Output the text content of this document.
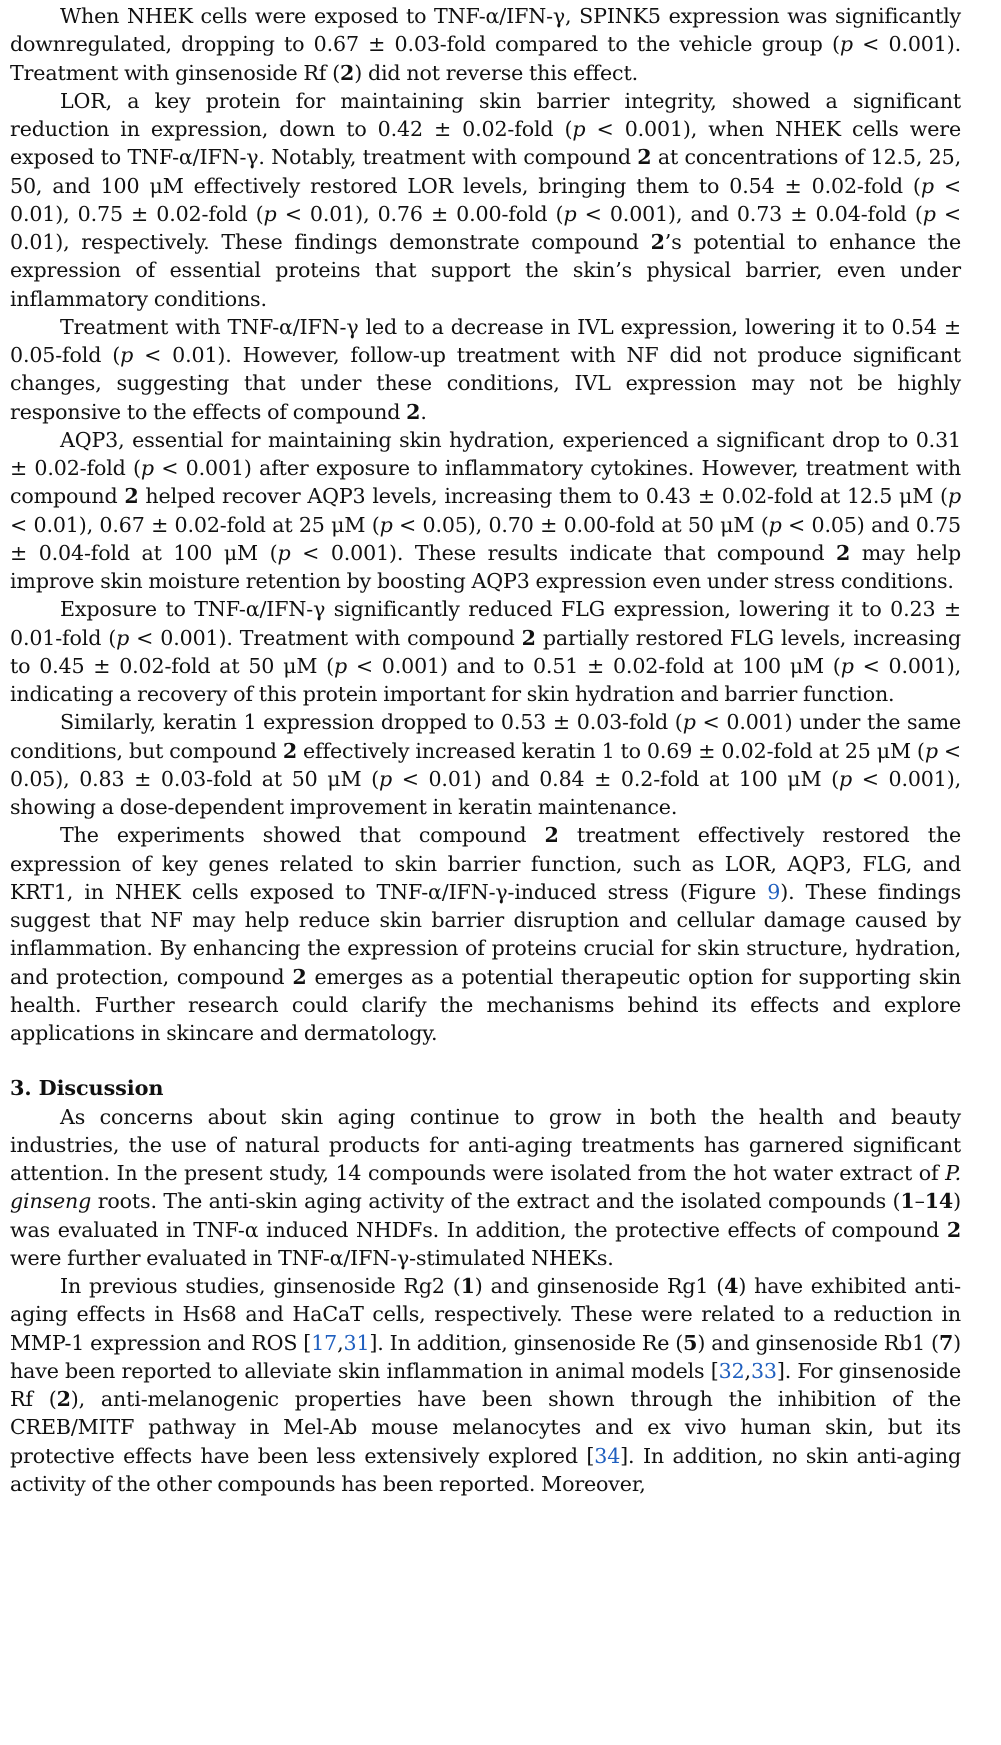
When NHEK cells were exposed to TNF-α/IFN-γ, SPINK5 expression was significantly downregulated, dropping to 0.67 ± 0.03-fold compared to the vehicle group (p < 0.001). Treatment with ginsenoside Rf (2) did not reverse this effect.

LOR, a key protein for maintaining skin barrier integrity, showed a significant reduction in expression, down to 0.42 ± 0.02-fold (p < 0.001), when NHEK cells were exposed to TNF-α/IFN-γ. Notably, treatment with compound 2 at concentrations of 12.5, 25, 50, and 100 μM effectively restored LOR levels, bringing them to 0.54 ± 0.02-fold (p < 0.01), 0.75 ± 0.02-fold (p < 0.01), 0.76 ± 0.00-fold (p < 0.001), and 0.73 ± 0.04-fold (p < 0.01), respectively. These findings demonstrate compound 2’s potential to enhance the expression of essential proteins that support the skin’s physical barrier, even under inflammatory conditions.

Treatment with TNF-α/IFN-γ led to a decrease in IVL expression, lowering it to 0.54 ± 0.05-fold (p < 0.01). However, follow-up treatment with NF did not produce significant changes, suggesting that under these conditions, IVL expression may not be highly responsive to the effects of compound 2.

AQP3, essential for maintaining skin hydration, experienced a significant drop to 0.31 ± 0.02-fold (p < 0.001) after exposure to inflammatory cytokines. However, treatment with compound 2 helped recover AQP3 levels, increasing them to 0.43 ± 0.02-fold at 12.5 μM (p < 0.01), 0.67 ± 0.02-fold at 25 μM (p < 0.05), 0.70 ± 0.00-fold at 50 μM (p < 0.05) and 0.75 ± 0.04-fold at 100 μM (p < 0.001). These results indicate that compound 2 may help improve skin moisture retention by boosting AQP3 expression even under stress conditions.

Exposure to TNF-α/IFN-γ significantly reduced FLG expression, lowering it to 0.23 ± 0.01-fold (p < 0.001). Treatment with compound 2 partially restored FLG levels, increasing to 0.45 ± 0.02-fold at 50 μM (p < 0.001) and to 0.51 ± 0.02-fold at 100 μM (p < 0.001), indicating a recovery of this protein important for skin hydration and barrier function.

Similarly, keratin 1 expression dropped to 0.53 ± 0.03-fold (p < 0.001) under the same conditions, but compound 2 effectively increased keratin 1 to 0.69 ± 0.02-fold at 25 μM (p < 0.05), 0.83 ± 0.03-fold at 50 μM (p < 0.01) and 0.84 ± 0.2-fold at 100 μM (p < 0.001), showing a dose-dependent improvement in keratin maintenance.

The experiments showed that compound 2 treatment effectively restored the expression of key genes related to skin barrier function, such as LOR, AQP3, FLG, and KRT1, in NHEK cells exposed to TNF-α/IFN-γ-induced stress (Figure 9). These findings suggest that NF may help reduce skin barrier disruption and cellular damage caused by inflammation. By enhancing the expression of proteins crucial for skin structure, hydration, and protection, compound 2 emerges as a potential therapeutic option for supporting skin health. Further research could clarify the mechanisms behind its effects and explore applications in skincare and dermatology.

3. Discussion

As concerns about skin aging continue to grow in both the health and beauty industries, the use of natural products for anti-aging treatments has garnered significant attention. In the present study, 14 compounds were isolated from the hot water extract of P. ginseng roots. The anti-skin aging activity of the extract and the isolated compounds (1–14) was evaluated in TNF-α induced NHDFs. In addition, the protective effects of compound 2 were further evaluated in TNF-α/IFN-γ-stimulated NHEKs.

In previous studies, ginsenoside Rg2 (1) and ginsenoside Rg1 (4) have exhibited anti-aging effects in Hs68 and HaCaT cells, respectively. These were related to a reduction in MMP-1 expression and ROS [17,31]. In addition, ginsenoside Re (5) and ginsenoside Rb1 (7) have been reported to alleviate skin inflammation in animal models [32,33]. For ginsenoside Rf (2), anti-melanogenic properties have been shown through the inhibition of the CREB/MITF pathway in Mel-Ab mouse melanocytes and ex vivo human skin, but its protective effects have been less extensively explored [34]. In addition, no skin anti-aging activity of the other compounds has been reported. Moreover,
